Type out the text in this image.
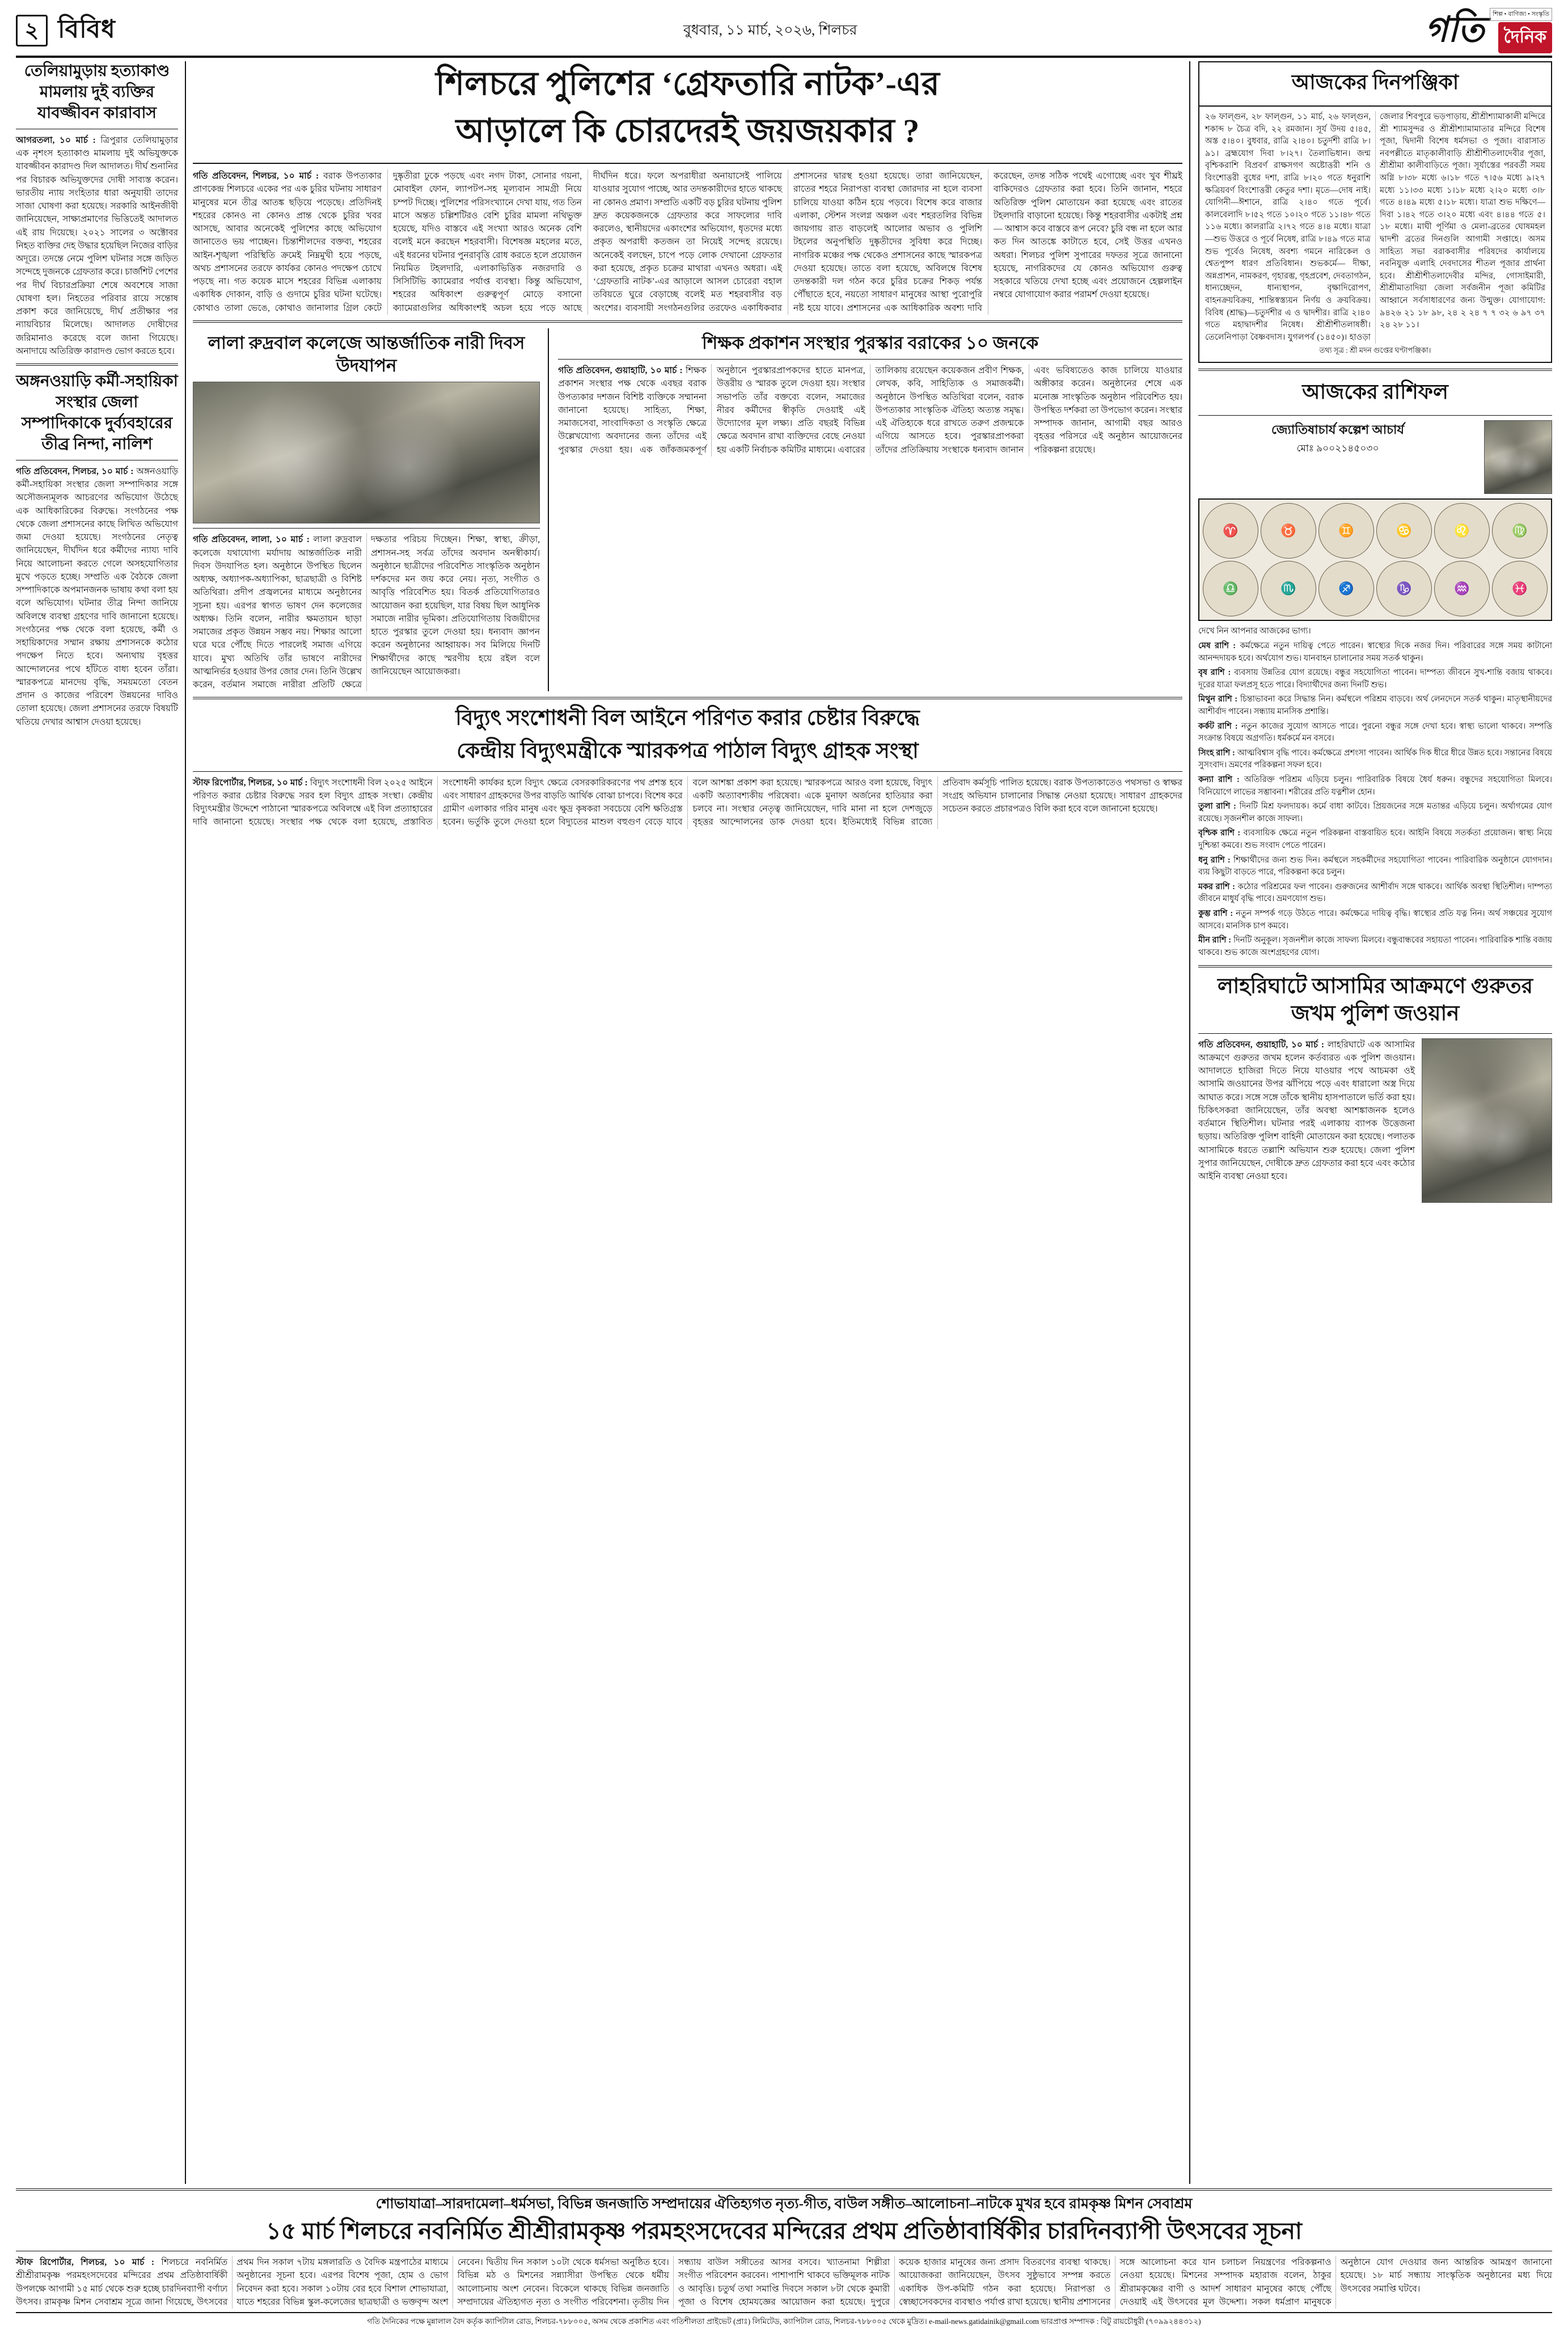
২ বিবিধ	বুধবার, ১১ মার্চ, ২০২৬, শিলচর	গতি	শিল্প • বাণিজ্য • সংস্কৃতি
দৈনিক
তেলিয়ামুড়ায় হত্যাকাণ্ড মামলায় দুই ব্যক্তির যাবজ্জীবন কারাবাস
আগরতলা, ১০ মার্চ : ত্রিপুরার তেলিয়ামুড়ার এক নৃশংস হত্যাকাণ্ড মামলায় দুই অভিযুক্তকে যাবজ্জীবন কারাদণ্ড দিল আদালত। দীর্ঘ শুনানির পর বিচারক অভিযুক্তদের দোষী সাব্যস্ত করেন। ভারতীয় ন্যায় সংহিতার ধারা অনুযায়ী তাদের সাজা ঘোষণা করা হয়েছে। সরকারি আইনজীবী জানিয়েছেন, সাক্ষ্যপ্রমাণের ভিত্তিতেই আদালত এই রায় দিয়েছে। ২০২১ সালের ৩ অক্টোবর নিহত ব্যক্তির দেহ উদ্ধার হয়েছিল নিজের বাড়ির অদূরে। তদন্তে নেমে পুলিশ ঘটনার সঙ্গে জড়িত সন্দেহে দুজনকে গ্রেফতার করে। চার্জশিট পেশের পর দীর্ঘ বিচারপ্রক্রিয়া শেষে অবশেষে সাজা ঘোষণা হল। নিহতের পরিবার রায়ে সন্তোষ প্রকাশ করে জানিয়েছে, দীর্ঘ প্রতীক্ষার পর ন্যায়বিচার মিলেছে। আদালত দোষীদের জরিমানাও করেছে বলে জানা গিয়েছে। অনাদায়ে অতিরিক্ত কারাদণ্ড ভোগ করতে হবে।
অঙ্গনওয়াড়ি কর্মী-সহায়িকা সংস্থার জেলা সম্পাদিকাকে দুর্ব্যবহারের তীব্র নিন্দা, নালিশ
গতি প্রতিবেদন, শিলচর, ১০ মার্চ : অঙ্গনওয়াড়ি কর্মী-সহায়িকা সংস্থার জেলা সম্পাদিকার সঙ্গে অসৌজন্যমূলক আচরণের অভিযোগ উঠেছে এক আধিকারিকের বিরুদ্ধে। সংগঠনের পক্ষ থেকে জেলা প্রশাসনের কাছে লিখিত অভিযোগ জমা দেওয়া হয়েছে। সংগঠনের নেতৃত্ব জানিয়েছেন, দীর্ঘদিন ধরে কর্মীদের ন্যায্য দাবি নিয়ে আলোচনা করতে গেলে অসহযোগিতার মুখে পড়তে হচ্ছে। সম্প্রতি এক বৈঠকে জেলা সম্পাদিকাকে অপমানজনক ভাষায় কথা বলা হয় বলে অভিযোগ। ঘটনার তীব্র নিন্দা জানিয়ে অবিলম্বে ব্যবস্থা গ্রহণের দাবি জানানো হয়েছে। সংগঠনের পক্ষ থেকে বলা হয়েছে, কর্মী ও সহায়িকাদের সম্মান রক্ষায় প্রশাসনকে কঠোর পদক্ষেপ নিতে হবে। অন্যথায় বৃহত্তর আন্দোলনের পথে হাঁটতে বাধ্য হবেন তাঁরা। স্মারকপত্রে মানদেয় বৃদ্ধি, সময়মতো বেতন প্রদান ও কাজের পরিবেশ উন্নয়নের দাবিও তোলা হয়েছে। জেলা প্রশাসনের তরফে বিষয়টি খতিয়ে দেখার আশ্বাস দেওয়া হয়েছে।
শিলচরে পুলিশের ‘গ্রেফতারি নাটক’-এর
আড়ালে কি চোরদেরই জয়জয়কার ?
গতি প্রতিবেদন, শিলচর, ১০ মার্চ : বরাক উপত্যকার প্রাণকেন্দ্র শিলচরে একের পর এক চুরির ঘটনায় সাধারণ মানুষের মনে তীব্র আতঙ্ক ছড়িয়ে পড়েছে। প্রতিদিনই শহরের কোনও না কোনও প্রান্ত থেকে চুরির খবর আসছে, আবার অনেকেই পুলিশের কাছে অভিযোগ জানাতেও ভয় পাচ্ছেন। চিন্তাশীলদের বক্তব্য, শহরের আইন-শৃঙ্খলা পরিস্থিতি ক্রমেই নিম্নমুখী হয়ে পড়ছে, অথচ প্রশাসনের তরফে কার্যকর কোনও পদক্ষেপ চোখে পড়ছে না। গত কয়েক মাসে শহরের বিভিন্ন এলাকায় একাধিক দোকান, বাড়ি ও গুদামে চুরির ঘটনা ঘটেছে। কোথাও তালা ভেঙে, কোথাও জানালার গ্রিল কেটে দুষ্কৃতীরা ঢুকে পড়ছে এবং নগদ টাকা, সোনার গয়না, মোবাইল ফোন, ল্যাপটপ-সহ মূল্যবান সামগ্রী নিয়ে চম্পট দিচ্ছে। পুলিশের পরিসংখ্যানে দেখা যায়, গত তিন মাসে অন্তত চল্লিশটিরও বেশি চুরির মামলা নথিভুক্ত হয়েছে, যদিও বাস্তবে এই সংখ্যা আরও অনেক বেশি বলেই মনে করছেন শহরবাসী। বিশেষজ্ঞ মহলের মতে, এই ধরনের ঘটনার পুনরাবৃত্তি রোধ করতে হলে প্রয়োজন নিয়মিত টহলদারি, এলাকাভিত্তিক নজরদারি ও সিসিটিভি ক্যামেরার পর্যাপ্ত ব্যবস্থা। কিন্তু অভিযোগ, শহরের অধিকাংশ গুরুত্বপূর্ণ মোড়ে বসানো ক্যামেরাগুলির অধিকাংশই অচল হয়ে পড়ে আছে দীর্ঘদিন ধরে। ফলে অপরাধীরা অনায়াসেই পালিয়ে যাওয়ার সুযোগ পাচ্ছে, আর তদন্তকারীদের হাতে থাকছে না কোনও প্রমাণ। সম্প্রতি একটি বড় চুরির ঘটনায় পুলিশ দ্রুত কয়েকজনকে গ্রেফতার করে সাফল্যের দাবি করলেও, স্থানীয়দের একাংশের অভিযোগ, ধৃতদের মধ্যে প্রকৃত অপরাধী কতজন তা নিয়েই সন্দেহ রয়েছে। অনেকেই বলছেন, চাপে পড়ে লোক দেখানো গ্রেফতার করা হয়েছে, প্রকৃত চক্রের মাথারা এখনও অধরা। এই ‘গ্রেফতারি নাটক’-এর আড়ালে আসল চোরেরা বহাল তবিয়তে ঘুরে বেড়াচ্ছে বলেই মত শহরবাসীর বড় অংশের। ব্যবসায়ী সংগঠনগুলির তরফেও একাধিকবার প্রশাসনের দ্বারস্থ হওয়া হয়েছে। তারা জানিয়েছেন, রাতের শহরে নিরাপত্তা ব্যবস্থা জোরদার না হলে ব্যবসা চালিয়ে যাওয়া কঠিন হয়ে পড়বে। বিশেষ করে বাজার এলাকা, স্টেশন সংলগ্ন অঞ্চল এবং শহরতলির বিভিন্ন জায়গায় রাত বাড়লেই আলোর অভাব ও পুলিশি টহলের অনুপস্থিতি দুষ্কৃতীদের সুবিধা করে দিচ্ছে। নাগরিক মঞ্চের পক্ষ থেকেও প্রশাসনের কাছে স্মারকপত্র দেওয়া হয়েছে। তাতে বলা হয়েছে, অবিলম্বে বিশেষ তদন্তকারী দল গঠন করে চুরির চক্রের শিকড় পর্যন্ত পৌঁছাতে হবে, নয়তো সাধারণ মানুষের আস্থা পুরোপুরি নষ্ট হয়ে যাবে। প্রশাসনের এক আধিকারিক অবশ্য দাবি করেছেন, তদন্ত সঠিক পথেই এগোচ্ছে এবং খুব শীঘ্রই বাকিদেরও গ্রেফতার করা হবে। তিনি জানান, শহরে অতিরিক্ত পুলিশ মোতায়েন করা হয়েছে এবং রাতের টহলদারি বাড়ানো হয়েছে। কিন্তু শহরবাসীর একটাই প্রশ্ন— আশ্বাস কবে বাস্তবে রূপ নেবে? চুরি বন্ধ না হলে আর কত দিন আতঙ্কে কাটাতে হবে, সেই উত্তর এখনও অধরা। শিলচর পুলিশ সুপারের দফতর সূত্রে জানানো হয়েছে, নাগরিকদের যে কোনও অভিযোগ গুরুত্ব সহকারে খতিয়ে দেখা হচ্ছে এবং প্রয়োজনে হেল্পলাইন নম্বরে যোগাযোগ করার পরামর্শ দেওয়া হয়েছে।
লালা রুদ্রবাল কলেজে আন্তর্জাতিক নারী দিবস উদযাপন
গতি প্রতিবেদন, লালা, ১০ মার্চ : লালা রুদ্রবাল কলেজে যথাযোগ্য মর্যাদায় আন্তর্জাতিক নারী দিবস উদযাপিত হল। অনুষ্ঠানে উপস্থিত ছিলেন অধ্যক্ষ, অধ্যাপক-অধ্যাপিকা, ছাত্রছাত্রী ও বিশিষ্ট অতিথিরা। প্রদীপ প্রজ্বলনের মাধ্যমে অনুষ্ঠানের সূচনা হয়। এরপর স্বাগত ভাষণ দেন কলেজের অধ্যক্ষ। তিনি বলেন, নারীর ক্ষমতায়ন ছাড়া সমাজের প্রকৃত উন্নয়ন সম্ভব নয়। শিক্ষার আলো ঘরে ঘরে পৌঁছে দিতে পারলেই সমাজ এগিয়ে যাবে। মুখ্য অতিথি তাঁর ভাষণে নারীদের আত্মনির্ভর হওয়ার উপর জোর দেন। তিনি উল্লেখ করেন, বর্তমান সমাজে নারীরা প্রতিটি ক্ষেত্রে দক্ষতার পরিচয় দিচ্ছেন। শিক্ষা, স্বাস্থ্য, ক্রীড়া, প্রশাসন-সহ সর্বত্র তাঁদের অবদান অনস্বীকার্য। অনুষ্ঠানে ছাত্রীদের পরিবেশিত সাংস্কৃতিক অনুষ্ঠান দর্শকদের মন জয় করে নেয়। নৃত্য, সংগীত ও আবৃত্তি পরিবেশিত হয়। বিতর্ক প্রতিযোগিতারও আয়োজন করা হয়েছিল, যার বিষয় ছিল আধুনিক সমাজে নারীর ভূমিকা। প্রতিযোগিতায় বিজয়ীদের হাতে পুরস্কার তুলে দেওয়া হয়। ধন্যবাদ জ্ঞাপন করেন অনুষ্ঠানের আহ্বায়ক। সব মিলিয়ে দিনটি শিক্ষার্থীদের কাছে স্মরণীয় হয়ে রইল বলে জানিয়েছেন আয়োজকরা।
শিক্ষক প্রকাশন সংস্থার পুরস্কার বরাকের ১০ জনকে
গতি প্রতিবেদন, গুয়াহাটি, ১০ মার্চ : শিক্ষক প্রকাশন সংস্থার পক্ষ থেকে এবছর বরাক উপত্যকার দশজন বিশিষ্ট ব্যক্তিকে সম্মাননা জানানো হয়েছে। সাহিত্য, শিক্ষা, সমাজসেবা, সাংবাদিকতা ও সংস্কৃতি ক্ষেত্রে উল্লেখযোগ্য অবদানের জন্য তাঁদের এই পুরস্কার দেওয়া হয়। এক জাঁকজমকপূর্ণ অনুষ্ঠানে পুরস্কারপ্রাপকদের হাতে মানপত্র, উত্তরীয় ও স্মারক তুলে দেওয়া হয়। সংস্থার সভাপতি তাঁর বক্তব্যে বলেন, সমাজের নীরব কর্মীদের স্বীকৃতি দেওয়াই এই উদ্যোগের মূল লক্ষ্য। প্রতি বছরই বিভিন্ন ক্ষেত্রে অবদান রাখা ব্যক্তিদের বেছে নেওয়া হয় একটি নির্বাচক কমিটির মাধ্যমে। এবারের তালিকায় রয়েছেন কয়েকজন প্রবীণ শিক্ষক, লেখক, কবি, সাহিত্যিক ও সমাজকর্মী। অনুষ্ঠানে উপস্থিত অতিথিরা বলেন, বরাক উপত্যকার সাংস্কৃতিক ঐতিহ্য অত্যন্ত সমৃদ্ধ। এই ঐতিহ্যকে ধরে রাখতে তরুণ প্রজন্মকে এগিয়ে আসতে হবে। পুরস্কারপ্রাপকরা তাঁদের প্রতিক্রিয়ায় সংস্থাকে ধন্যবাদ জানান এবং ভবিষ্যতেও কাজ চালিয়ে যাওয়ার অঙ্গীকার করেন। অনুষ্ঠানের শেষে এক মনোজ্ঞ সাংস্কৃতিক অনুষ্ঠান পরিবেশিত হয়। উপস্থিত দর্শকরা তা উপভোগ করেন। সংস্থার সম্পাদক জানান, আগামী বছর আরও বৃহত্তর পরিসরে এই অনুষ্ঠান আয়োজনের পরিকল্পনা রয়েছে।
বিদ্যুৎ সংশোধনী বিল আইনে পরিণত করার চেষ্টার বিরুদ্ধে
কেন্দ্রীয় বিদ্যুৎমন্ত্রীকে স্মারকপত্র পাঠাল বিদ্যুৎ গ্রাহক সংস্থা
স্টাফ রিপোর্টার, শিলচর, ১০ মার্চ : বিদ্যুৎ সংশোধনী বিল ২০২৫ আইনে পরিণত করার চেষ্টার বিরুদ্ধে সরব হল বিদ্যুৎ গ্রাহক সংস্থা। কেন্দ্রীয় বিদ্যুৎমন্ত্রীর উদ্দেশে পাঠানো স্মারকপত্রে অবিলম্বে এই বিল প্রত্যাহারের দাবি জানানো হয়েছে। সংস্থার পক্ষ থেকে বলা হয়েছে, প্রস্তাবিত সংশোধনী কার্যকর হলে বিদ্যুৎ ক্ষেত্রে বেসরকারিকরণের পথ প্রশস্ত হবে এবং সাধারণ গ্রাহকদের উপর বাড়তি আর্থিক বোঝা চাপবে। বিশেষ করে গ্রামীণ এলাকার গরিব মানুষ এবং ক্ষুদ্র কৃষকরা সবচেয়ে বেশি ক্ষতিগ্রস্ত হবেন। ভর্তুকি তুলে দেওয়া হলে বিদ্যুতের মাশুল বহুগুণ বেড়ে যাবে বলে আশঙ্কা প্রকাশ করা হয়েছে। স্মারকপত্রে আরও বলা হয়েছে, বিদ্যুৎ একটি অত্যাবশ্যকীয় পরিষেবা। একে মুনাফা অর্জনের হাতিয়ার করা চলবে না। সংস্থার নেতৃত্ব জানিয়েছেন, দাবি মানা না হলে দেশজুড়ে বৃহত্তর আন্দোলনের ডাক দেওয়া হবে। ইতিমধ্যেই বিভিন্ন রাজ্যে প্রতিবাদ কর্মসূচি পালিত হয়েছে। বরাক উপত্যকাতেও পথসভা ও স্বাক্ষর সংগ্রহ অভিযান চালানোর সিদ্ধান্ত নেওয়া হয়েছে। সাধারণ গ্রাহকদের সচেতন করতে প্রচারপত্রও বিলি করা হবে বলে জানানো হয়েছে।
আজকের দিনপঞ্জিকা
২৬ ফাল্গুন, ২৮ ফাল্গুন, ১১ মার্চ, ২৬ ফাল্গুন, শকাব্দ ৮ চৈত্র বদি, ২২ রমজান। সূর্য উদয় ৫।৪৫, অস্ত ৫।৪০। বুধবার, রাত্রি ২।৪০। চতুর্দশী রাত্রি ৮।৯১। ব্রহ্মযোগ দিবা ৮।২৭। তৈলাভিধান। জন্ম বৃশ্চিকরাশি বিপ্রবর্ণ রাক্ষসগণ অষ্টোত্তরী শনি ও বিংশোত্তরী বুধের দশা, রাত্রি ৮।২০ গতে ধনুরাশি ক্ষত্রিয়বর্ণ বিংশোত্তরী কেতুর দশা। মৃতে—দোষ নাই। যোগিনী—ঈশানে, রাত্রি ২।৪০ গতে পূর্বে। কালবেলাদি ৮।৫২ গতে ১০।২০ গতে ১১।৪৮ গতে ১১৬ মধ্যে। কালরাত্রি ২।৭২ গতে ৪।৪ মধ্যে। যাত্রা—শুভ উত্তরে ও পূর্বে নিষেধ, রাত্রি ৮।৪৯ গতে মাত্র শুভ পূর্বেও নিষেধ, অবশ্য গমনে নারিকেল ও শ্বেতপুষ্প ধারণ প্রতিবিধান। শুভকর্মে— দীক্ষা, অন্নপ্রাশন, নামকরণ, গৃহারম্ভ, গৃহপ্রবেশ, দেবতাগঠন, ধান্যচ্ছেদন, ধান্যস্থাপন, বৃক্ষাদিরোপণ, বাহনক্রয়বিক্রয়, শান্তিস্বস্ত্যয়ন নির্ণয় ও ক্রয়বিক্রয়। বিবিধ (শ্রাদ্ধ)—চতুর্দশীর এ ও দ্বাদশীর। রাত্রি ২।৪০ গতে মহাদ্বাদশীর নিষেধ। শ্রীশ্রীশীতলাষষ্ঠী। তেলেনিপাড়া বৈষ্ণবদাস। যুগলপর্ব (১৪৫০)। হাওড়া জেলার শিবপুরে ভড়পাড়ায়, শ্রীশ্রীশ্যামাকালী মন্দিরে শ্রী শ্যামসুন্দর ও শ্রীশ্রীশ্যামামাতার মন্দিরে বিশেষ পূজা, দ্বিদানী বিশেষ ধর্মসভা ও পূজা। বারাসাত নবপল্লীতে মাতৃকালীবাড়ি শ্রীশ্রীশীতলাদেবীর পূজা, শ্রীশ্রীমা কালীবাড়িতে পূজা। সূর্যাস্তের পরবর্তী সময় অগ্নি ৮।৩৮ মধ্যে ৬।১৮ গতে ৭।৫৬ মধ্যে ৯।২৭ মধ্যে ১১।৩৩ মধ্যে ১।১৮ মধ্যে ২।২০ মধ্যে ৩।৮ গতে ৪।৪৯ মধ্যে ৫।১৮ মধ্যে। যাত্রা শুভ দক্ষিণে—দিবা ১।৪২ গতে ৩।২০ মধ্যে এবং ৪।৪৪ গতে ৫।১৮ মধ্যে। মাঘী পূর্ণিমা ও মেলা-ব্রতের ঘোষমহল দ্বাদশী ব্রতের দিনগুলি আগামী সপ্তাহে। অসম সাহিত্য সভা বরাকবাসীর পরিষদের কার্যালয়ে নবনিযুক্ত এলাহি দেবদাসের শীতল পূজার প্রার্থনা হবে। শ্রীশ্রীশীতলাদেবীর মন্দির, গোসাইমারী, শ্রীশ্রীমাতাদিয়া জেলা সর্বজনীন পূজা কমিটির আহ্বানে সর্বসাধারণের জন্য উন্মুক্ত। যোগাযোগ: ৯৪২৬ ২১ ১৮ ৯৮, ২৪ ২ ২৪ ৭ ৭ ৩২ ৬ ৯৭ ৩৭ ২৪ ২৮ ১১।
তথ্য সূত্র : শ্রী মদন গুপ্তের ঘণ্টাপঞ্জিকা।
আজকের রাশিফল
জ্যোতিষাচার্য কল্পেশ আচার্য
মোঃ ৯০০২১৪৫০৩০
♈	♉	♊	♋	♌	♍
♎	♏	♐	♑	♒	♓
দেখে নিন আপনার আজকের ভাগ্য।

মেষ রাশি : কর্মক্ষেত্রে নতুন দায়িত্ব পেতে পারেন। স্বাস্থ্যের দিকে নজর দিন। পরিবারের সঙ্গে সময় কাটানো আনন্দদায়ক হবে। অর্থযোগ শুভ। যানবাহন চালানোর সময় সতর্ক থাকুন।

বৃষ রাশি : ব্যবসায় উন্নতির যোগ রয়েছে। বন্ধুর সহযোগিতা পাবেন। দাম্পত্য জীবনে সুখ-শান্তি বজায় থাকবে। দূরের যাত্রা ফলপ্রসূ হতে পারে। বিদ্যার্থীদের জন্য দিনটি শুভ।

মিথুন রাশি : চিন্তাভাবনা করে সিদ্ধান্ত নিন। কর্মস্থলে পরিশ্রম বাড়বে। অর্থ লেনদেনে সতর্ক থাকুন। মাতৃস্থানীয়দের আশীর্বাদ পাবেন। সন্ধ্যায় মানসিক প্রশান্তি।

কর্কট রাশি : নতুন কাজের সুযোগ আসতে পারে। পুরনো বন্ধুর সঙ্গে দেখা হবে। স্বাস্থ্য ভালো থাকবে। সম্পত্তি সংক্রান্ত বিষয়ে অগ্রগতি। ধর্মকর্মে মন বসবে।

সিংহ রাশি : আত্মবিশ্বাস বৃদ্ধি পাবে। কর্মক্ষেত্রে প্রশংসা পাবেন। আর্থিক দিক ধীরে ধীরে উন্নত হবে। সন্তানের বিষয়ে সুসংবাদ। ভ্রমণের পরিকল্পনা সফল হবে।

কন্যা রাশি : অতিরিক্ত পরিশ্রম এড়িয়ে চলুন। পারিবারিক বিষয়ে ধৈর্য ধরুন। বন্ধুদের সহযোগিতা মিলবে। বিনিয়োগে লাভের সম্ভাবনা। শরীরের প্রতি যত্নশীল হোন।

তুলা রাশি : দিনটি মিশ্র ফলদায়ক। কর্মে বাধা কাটবে। প্রিয়জনের সঙ্গে মতান্তর এড়িয়ে চলুন। অর্থাগমের যোগ রয়েছে। সৃজনশীল কাজে সাফল্য।

বৃশ্চিক রাশি : ব্যবসায়িক ক্ষেত্রে নতুন পরিকল্পনা বাস্তবায়িত হবে। আইনি বিষয়ে সতর্কতা প্রয়োজন। স্বাস্থ্য নিয়ে দুশ্চিন্তা কমবে। শুভ সংবাদ পেতে পারেন।

ধনু রাশি : শিক্ষার্থীদের জন্য শুভ দিন। কর্মস্থলে সহকর্মীদের সহযোগিতা পাবেন। পারিবারিক অনুষ্ঠানে যোগদান। ব্যয় কিছুটা বাড়তে পারে, পরিকল্পনা করে চলুন।

মকর রাশি : কঠোর পরিশ্রমের ফল পাবেন। গুরুজনের আশীর্বাদ সঙ্গে থাকবে। আর্থিক অবস্থা স্থিতিশীল। দাম্পত্য জীবনে মাধুর্য বৃদ্ধি পাবে। ভ্রমণযোগ শুভ।

কুম্ভ রাশি : নতুন সম্পর্ক গড়ে উঠতে পারে। কর্মক্ষেত্রে দায়িত্ব বৃদ্ধি। স্বাস্থ্যের প্রতি যত্ন নিন। অর্থ সঞ্চয়ের সুযোগ আসবে। মানসিক চাপ কমবে।

মীন রাশি : দিনটি অনুকূল। সৃজনশীল কাজে সাফল্য মিলবে। বন্ধুবান্ধবের সহায়তা পাবেন। পারিবারিক শান্তি বজায় থাকবে। শুভ কাজে অংশগ্রহণের যোগ।

লাহরিঘাটে আসামির আক্রমণে গুরুতর জখম পুলিশ জওয়ান
গতি প্রতিবেদন, গুয়াহাটি, ১০ মার্চ : লাহরিঘাটে এক আসামির আক্রমণে গুরুতর জখম হলেন কর্তব্যরত এক পুলিশ জওয়ান। আদালতে হাজিরা দিতে নিয়ে যাওয়ার পথে আচমকা ওই আসামি জওয়ানের উপর ঝাঁপিয়ে পড়ে এবং ধারালো অস্ত্র দিয়ে আঘাত করে। সঙ্গে সঙ্গে তাঁকে স্থানীয় হাসপাতালে ভর্তি করা হয়। চিকিৎসকরা জানিয়েছেন, তাঁর অবস্থা আশঙ্কাজনক হলেও বর্তমানে স্থিতিশীল। ঘটনার পরই এলাকায় ব্যাপক উত্তেজনা ছড়ায়। অতিরিক্ত পুলিশ বাহিনী মোতায়েন করা হয়েছে। পলাতক আসামিকে ধরতে তল্লাশি অভিযান শুরু হয়েছে। জেলা পুলিশ সুপার জানিয়েছেন, দোষীকে দ্রুত গ্রেফতার করা হবে এবং কঠোর আইনি ব্যবস্থা নেওয়া হবে।
শোভাযাত্রা–সারদামেলা–ধর্মসভা, বিভিন্ন জনজাতি সম্প্রদায়ের ঐতিহ্যগত নৃত্য-গীত, বাউল সঙ্গীত–আলোচনা–নাটকে মুখর হবে রামকৃষ্ণ মিশন সেবাশ্রম
১৫ মার্চ শিলচরে নবনির্মিত শ্রীশ্রীরামকৃষ্ণ পরমহংসদেবের মন্দিরের প্রথম প্রতিষ্ঠাবার্ষিকীর চারদিনব্যাপী উৎসবের সূচনা
স্টাফ রিপোর্টার, শিলচর, ১০ মার্চ : শিলচরে নবনির্মিত শ্রীশ্রীরামকৃষ্ণ পরমহংসদেবের মন্দিরের প্রথম প্রতিষ্ঠাবার্ষিকী উপলক্ষে আগামী ১৫ মার্চ থেকে শুরু হচ্ছে চারদিনব্যাপী বর্ণাঢ্য উৎসব। রামকৃষ্ণ মিশন সেবাশ্রম সূত্রে জানা গিয়েছে, উৎসবের প্রথম দিন সকাল ৭টায় মঙ্গলারতি ও বৈদিক মন্ত্রপাঠের মাধ্যমে অনুষ্ঠানের সূচনা হবে। এরপর বিশেষ পূজা, হোম ও ভোগ নিবেদন করা হবে। সকাল ১০টায় বের হবে বিশাল শোভাযাত্রা, যাতে শহরের বিভিন্ন স্কুল-কলেজের ছাত্রছাত্রী ও ভক্তবৃন্দ অংশ নেবেন। দ্বিতীয় দিন সকাল ১০টা থেকে ধর্মসভা অনুষ্ঠিত হবে। বিভিন্ন মঠ ও মিশনের সন্ন্যাসীরা উপস্থিত থেকে ধর্মীয় আলোচনায় অংশ নেবেন। বিকেলে থাকছে বিভিন্ন জনজাতি সম্প্রদায়ের ঐতিহ্যগত নৃত্য ও সংগীত পরিবেশনা। তৃতীয় দিন সন্ধ্যায় বাউল সঙ্গীতের আসর বসবে। খ্যাতনামা শিল্পীরা সংগীত পরিবেশন করবেন। পাশাপাশি থাকবে ভক্তিমূলক নাটক ও আবৃত্তি। চতুর্থ তথা সমাপ্তি দিবসে সকাল ৮টা থেকে কুমারী পূজা ও বিশেষ হোমযজ্ঞের আয়োজন করা হয়েছে। দুপুরে কয়েক হাজার মানুষের জন্য প্রসাদ বিতরণের ব্যবস্থা থাকছে। আয়োজকরা জানিয়েছেন, উৎসব সুষ্ঠুভাবে সম্পন্ন করতে একাধিক উপ-কমিটি গঠন করা হয়েছে। নিরাপত্তা ও স্বেচ্ছাসেবকদের ব্যবস্থাও পর্যাপ্ত রাখা হয়েছে। স্থানীয় প্রশাসনের সঙ্গে আলোচনা করে যান চলাচল নিয়ন্ত্রণের পরিকল্পনাও নেওয়া হয়েছে। মিশনের সম্পাদক মহারাজ বলেন, ঠাকুর শ্রীরামকৃষ্ণের বাণী ও আদর্শ সাধারণ মানুষের কাছে পৌঁছে দেওয়াই এই উৎসবের মূল উদ্দেশ্য। সকল ধর্মপ্রাণ মানুষকে অনুষ্ঠানে যোগ দেওয়ার জন্য আন্তরিক আমন্ত্রণ জানানো হয়েছে। ১৮ মার্চ সন্ধ্যায় সাংস্কৃতিক অনুষ্ঠানের মধ্য দিয়ে উৎসবের সমাপ্তি ঘটবে।
গতি দৈনিকের পক্ষে মুন্নালাল বৈদ কর্তৃক ক্যাপিটাল রোড, শিলচর-৭৮৮০০৫, অসম থেকে প্রকাশিত এবং গতিশীলতা প্রাইভেট (প্রাঃ) লিমিটেড, ক্যাপিটাল রোড, শিলচর-৭৮৮০০৫ থেকে মুদ্রিত। e-mail-news.gatidainik@gmail.com ভারপ্রাপ্ত সম্পাদক : বিটু রায়চৌধুরী (৭০৯৯২৪৪৩১২)
